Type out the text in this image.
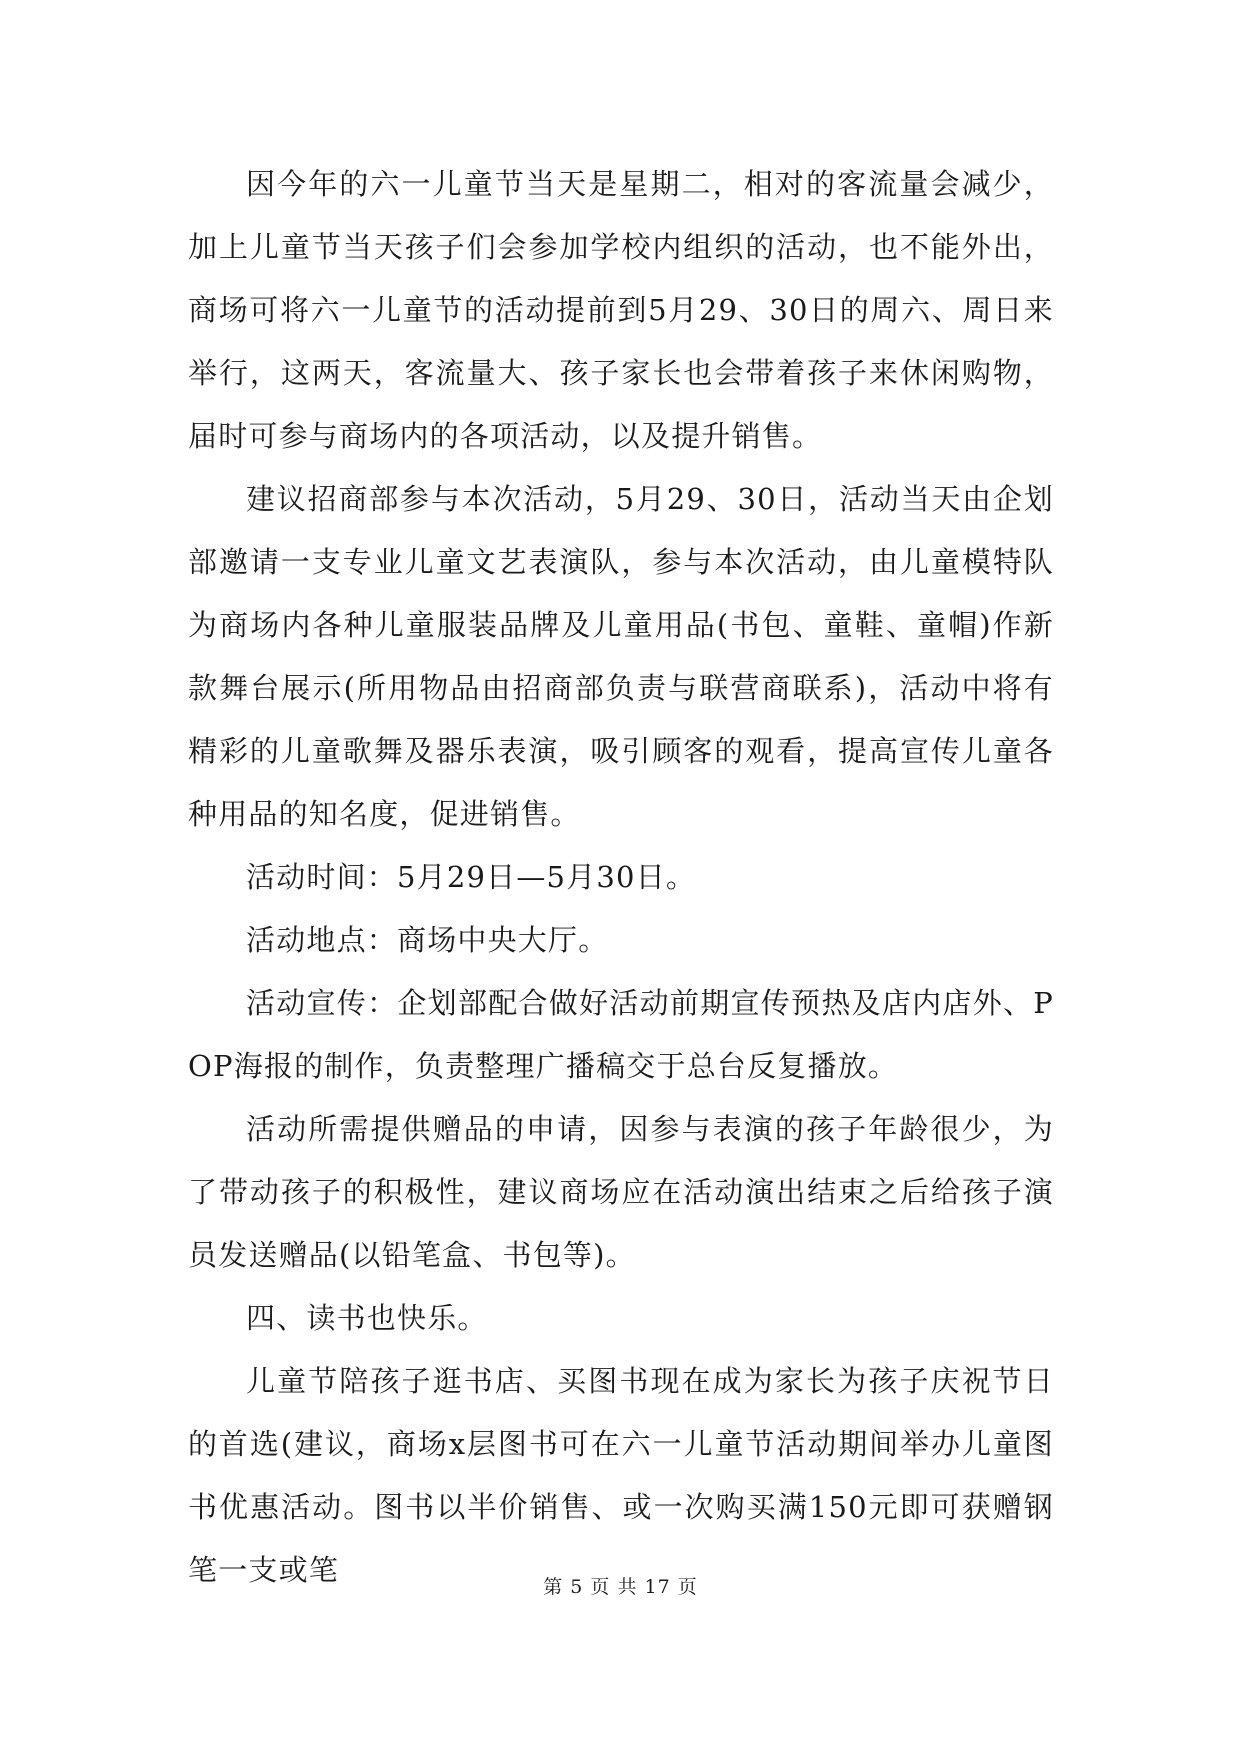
因今年的六一儿童节当天是星期二，相对的客流量会减少，加上儿童节当天孩子们会参加学校内组织的活动，也不能外出，商场可将六一儿童节的活动提前到5月29、30日的周六、周日来举行，这两天，客流量大、孩子家长也会带着孩子来休闲购物，届时可参与商场内的各项活动，以及提升销售。

建议招商部参与本次活动，5月29、30日，活动当天由企划部邀请一支专业儿童文艺表演队，参与本次活动，由儿童模特队为商场内各种儿童服装品牌及儿童用品(书包、童鞋、童帽)作新款舞台展示(所用物品由招商部负责与联营商联系)，活动中将有精彩的儿童歌舞及器乐表演，吸引顾客的观看，提高宣传儿童各种用品的知名度，促进销售。

活动时间：5月29日—5月30日。

活动地点：商场中央大厅。

活动宣传：企划部配合做好活动前期宣传预热及店内店外、POP海报的制作，负责整理广播稿交于总台反复播放。

活动所需提供赠品的申请，因参与表演的孩子年龄很少，为了带动孩子的积极性，建议商场应在活动演出结束之后给孩子演员发送赠品(以铅笔盒、书包等)。

四、读书也快乐。

儿童节陪孩子逛书店、买图书现在成为家长为孩子庆祝节日的首选(建议，商场x层图书可在六一儿童节活动期间举办儿童图书优惠活动。图书以半价销售、或一次购买满150元即可获赠钢笔一支或笔	第 5 页 共 17 页
